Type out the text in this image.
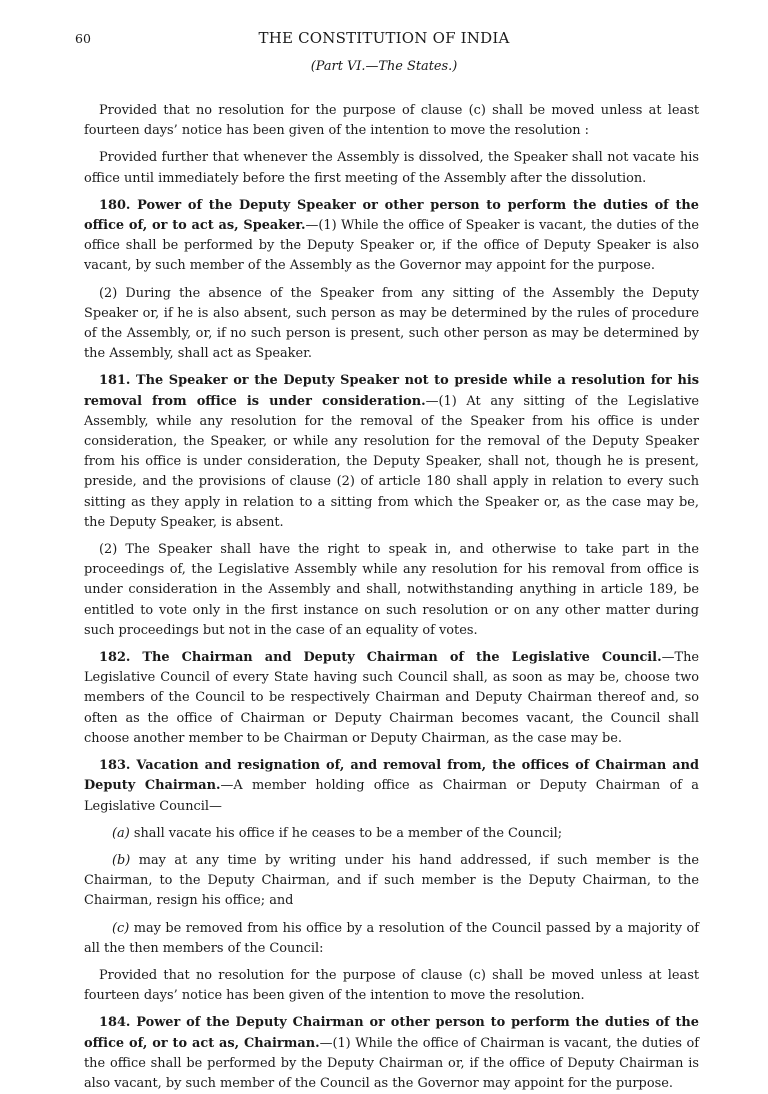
60	THE CONSTITUTION OF INDIA
(Part VI.—The States.)

Provided that no resolution for the purpose of clause (c) shall be moved unless at least fourteen days’ notice has been given of the intention to move the resolution :

Provided further that whenever the Assembly is dissolved, the Speaker shall not vacate his office until immediately before the first meeting of the Assembly after the dissolution.

180. Power of the Deputy Speaker or other person to perform the duties of the office of, or to act as, Speaker.—(1) While the office of Speaker is vacant, the duties of the office shall be performed by the Deputy Speaker or, if the office of Deputy Speaker is also vacant, by such member of the Assembly as the Governor may appoint for the purpose.

(2) During the absence of the Speaker from any sitting of the Assembly the Deputy Speaker or, if he is also absent, such person as may be determined by the rules of procedure of the Assembly, or, if no such person is present, such other person as may be determined by the Assembly, shall act as Speaker.

181. The Speaker or the Deputy Speaker not to preside while a resolution for his removal from office is under consideration.—(1) At any sitting of the Legislative Assembly, while any resolution for the removal of the Speaker from his office is under consideration, the Speaker, or while any resolution for the removal of the Deputy Speaker from his office is under consideration, the Deputy Speaker, shall not, though he is present, preside, and the provisions of clause (2) of article 180 shall apply in relation to every such sitting as they apply in relation to a sitting from which the Speaker or, as the case may be, the Deputy Speaker, is absent.

(2) The Speaker shall have the right to speak in, and otherwise to take part in the proceedings of, the Legislative Assembly while any resolution for his removal from office is under consideration in the Assembly and shall, notwithstanding anything in article 189, be entitled to vote only in the first instance on such resolution or on any other matter during such proceedings but not in the case of an equality of votes.

182. The Chairman and Deputy Chairman of the Legislative Council.—The Legislative Council of every State having such Council shall, as soon as may be, choose two members of the Council to be respectively Chairman and Deputy Chairman thereof and, so often as the office of Chairman or Deputy Chairman becomes vacant, the Council shall choose another member to be Chairman or Deputy Chairman, as the case may be.

183. Vacation and resignation of, and removal from, the offices of Chairman and Deputy Chairman.—A member holding office as Chairman or Deputy Chairman of a Legislative Council—

(a) shall vacate his office if he ceases to be a member of the Council;

(b) may at any time by writing under his hand addressed, if such member is the Chairman, to the Deputy Chairman, and if such member is the Deputy Chairman, to the Chairman, resign his office; and

(c) may be removed from his office by a resolution of the Council passed by a majority of all the then members of the Council:

Provided that no resolution for the purpose of clause (c) shall be moved unless at least fourteen days’ notice has been given of the intention to move the resolution.

184. Power of the Deputy Chairman or other person to perform the duties of the office of, or to act as, Chairman.—(1) While the office of Chairman is vacant, the duties of the office shall be performed by the Deputy Chairman or, if the office of Deputy Chairman is also vacant, by such member of the Council as the Governor may appoint for the purpose.
